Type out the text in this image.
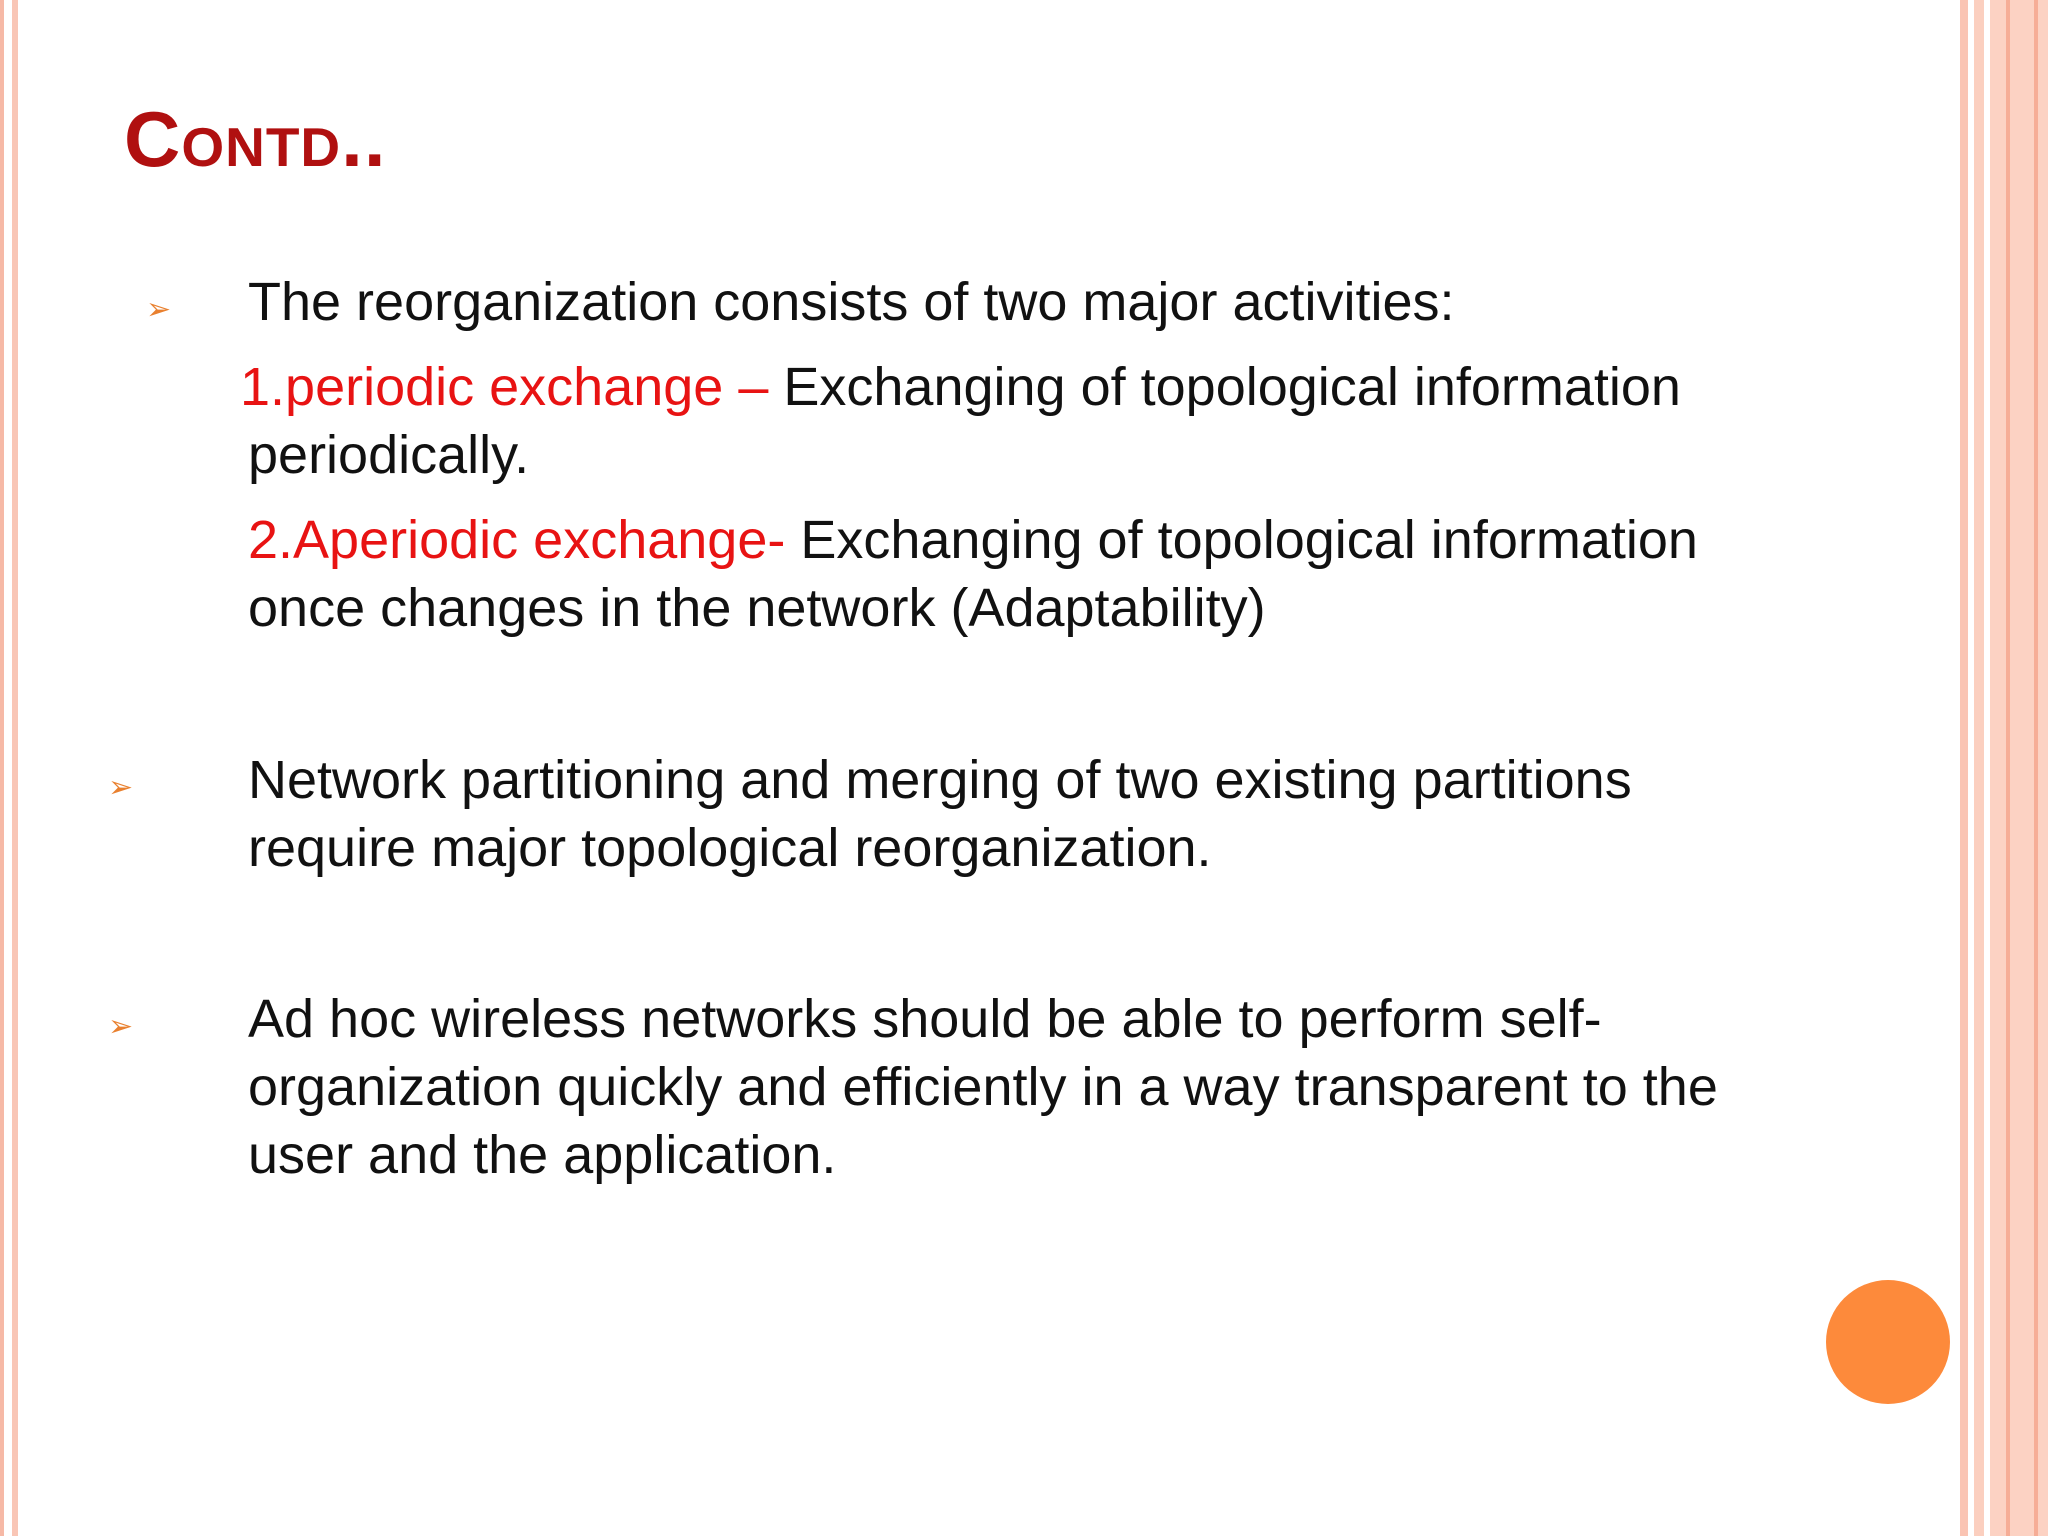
Contd..
➢ The reorganization consists of two major activities:
1.periodic exchange – Exchanging of topological information
periodically.
2.Aperiodic exchange- Exchanging of topological information
once changes in the network (Adaptability)
➢ Network partitioning and merging of two existing partitions
require major topological reorganization.
➢ Ad hoc wireless networks should be able to perform self-
organization quickly and efficiently in a way transparent to the
user and the application.
